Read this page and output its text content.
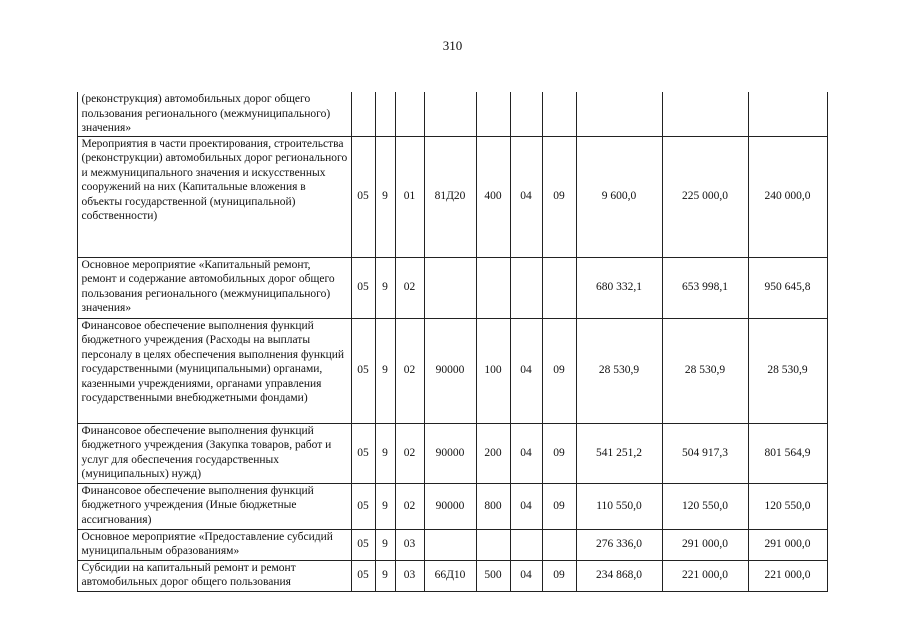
310
	(реконструкция) автомобильных дорог общего пользования регионального (межмуниципального) значения»										
	Мероприятия в части проектирования, строительства (реконструкции) автомобильных дорог регионального и межмуниципального значения и искусственных сооружений на них (Капитальные вложения в объекты государственной (муниципальной) собственности)	05	9	01	81Д20	400	04	09	9 600,0	225 000,0	240 000,0
	Основное мероприятие «Капитальный ремонт, ремонт и содержание автомобильных дорог общего пользования регионального (межмуниципального) значения»	05	9	02					680 332,1	653 998,1	950 645,8
	Финансовое обеспечение выполнения функций бюджетного учреждения (Расходы на выплаты персоналу в целях обеспечения выполнения функций государственными (муниципальными) органами, казенными учреждениями, органами управления государственными внебюджетными фондами)	05	9	02	90000	100	04	09	28 530,9	28 530,9	28 530,9
	Финансовое обеспечение выполнения функций бюджетного учреждения (Закупка товаров, работ и услуг для обеспечения государственных (муниципальных) нужд)	05	9	02	90000	200	04	09	541 251,2	504 917,3	801 564,9
	Финансовое обеспечение выполнения функций бюджетного учреждения (Иные бюджетные ассигнования)	05	9	02	90000	800	04	09	110 550,0	120 550,0	120 550,0
	Основное мероприятие «Предоставление субсидий муниципальным образованиям»	05	9	03					276 336,0	291 000,0	291 000,0
	Субсидии на капитальный ремонт и ремонт автомобильных дорог общего пользования	05	9	03	66Д10	500	04	09	234 868,0	221 000,0	221 000,0
